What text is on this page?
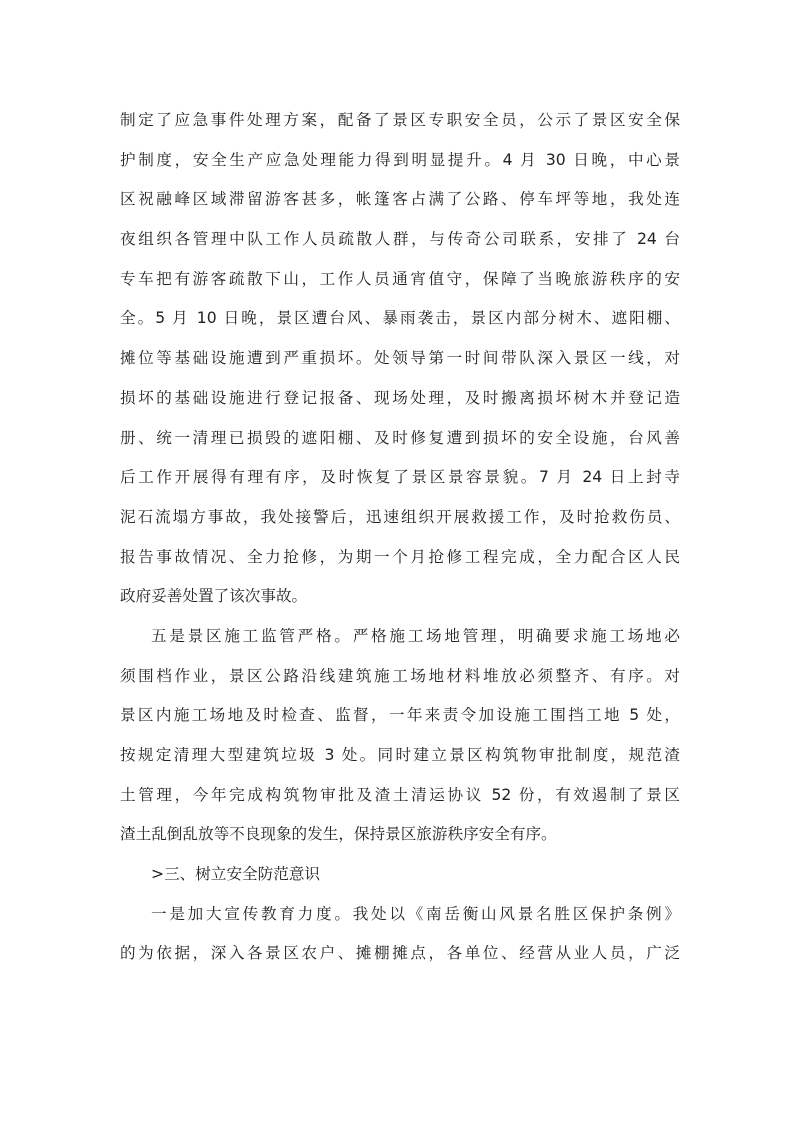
制定了应急事件处理方案，配备了景区专职安全员，公示了景区安全保
护制度，安全生产应急处理能力得到明显提升。4 月 30 日晚，中心景
区祝融峰区域滞留游客甚多，帐篷客占满了公路、停车坪等地，我处连
夜组织各管理中队工作人员疏散人群，与传奇公司联系，安排了 24 台
专车把有游客疏散下山，工作人员通宵值守，保障了当晚旅游秩序的安
全。5 月 10 日晚，景区遭台风、暴雨袭击，景区内部分树木、遮阳棚、
摊位等基础设施遭到严重损坏。处领导第一时间带队深入景区一线，对
损坏的基础设施进行登记报备、现场处理，及时搬离损坏树木并登记造
册、统一清理已损毁的遮阳棚、及时修复遭到损坏的安全设施，台风善
后工作开展得有理有序，及时恢复了景区景容景貌。7 月 24 日上封寺
泥石流塌方事故，我处接警后，迅速组织开展救援工作，及时抢救伤员、
报告事故情况、全力抢修，为期一个月抢修工程完成，全力配合区人民
政府妥善处置了该次事故。
五是景区施工监管严格。严格施工场地管理，明确要求施工场地必
须围档作业，景区公路沿线建筑施工场地材料堆放必须整齐、有序。对
景区内施工场地及时检查、监督，一年来责令加设施工围挡工地 5 处，
按规定清理大型建筑垃圾 3 处。同时建立景区构筑物审批制度，规范渣
土管理，今年完成构筑物审批及渣土清运协议 52 份，有效遏制了景区
渣土乱倒乱放等不良现象的发生，保持景区旅游秩序安全有序。
>三、树立安全防范意识
一是加大宣传教育力度。我处以《南岳衡山风景名胜区保护条例》
的为依据，深入各景区农户、摊棚摊点，各单位、经营从业人员，广泛
